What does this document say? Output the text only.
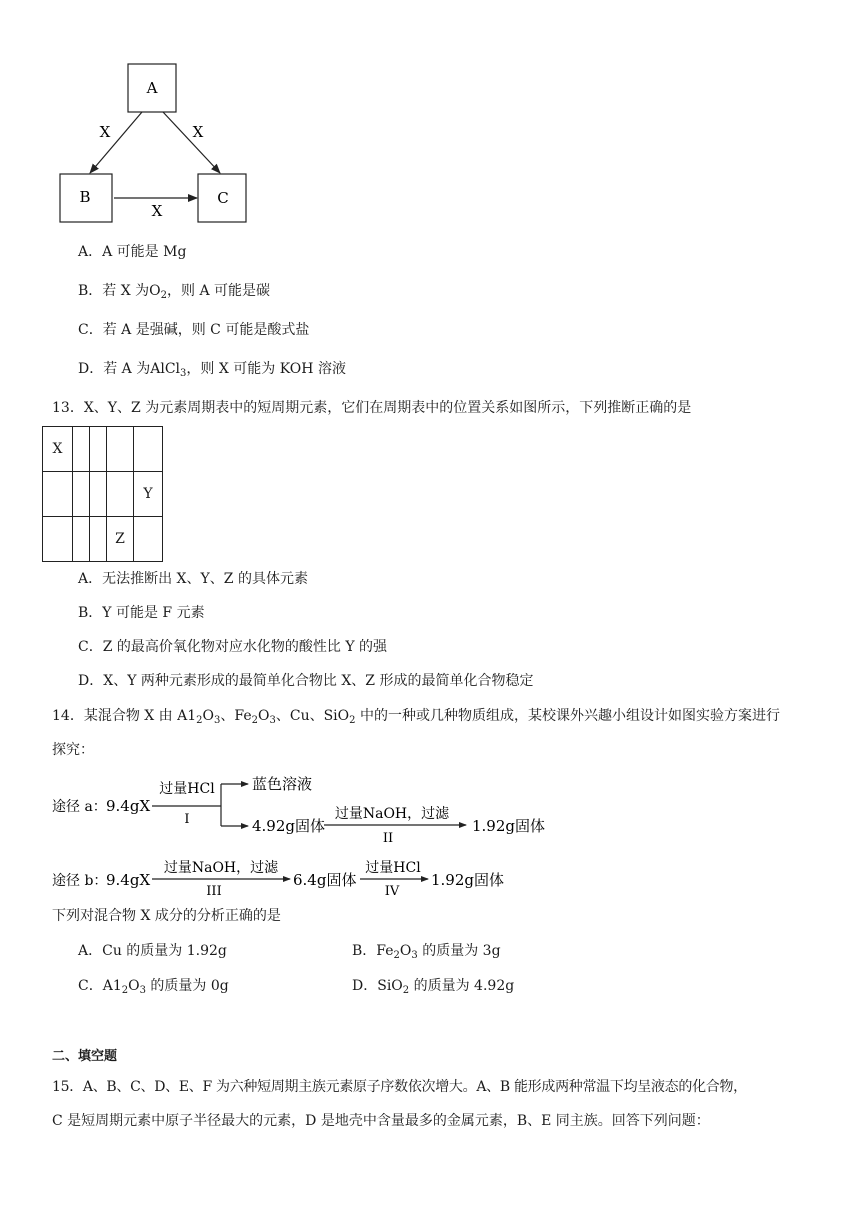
A
B	C
X	X
X
A．A 可能是 Mg
B．若 X 为$O_2$，则 A 可能是碳
C．若 A 是强碱，则 C 可能是酸式盐
D．若 A 为AlCl$_3$，则 X 可能为 KOH 溶液
13．X、Y、Z 为元素周期表中的短周期元素，它们在周期表中的位置关系如图所示，下列推断正确的是
X				
				Y
			Z	
A．无法推断出 X、Y、Z 的具体元素
B．Y 可能是 F 元素
C．Z 的最高价氧化物对应水化物的酸性比 Y 的强
D．X、Y 两种元素形成的最简单化合物比 X、Z 形成的最简单化合物稳定
14．某混合物 X 由 $A1_2O_3$、$Fe_2O_3$、Cu、SiO$_2$ 中的一种或几种物质组成，某校课外兴趣小组设计如图实验方案进行
探究：
途径 a： 9.4gX
过量HCl
I
蓝色溶液
4.92g固体
过量NaOH，过滤
II
1.92g固体
途径 b：
9.4gX
过量NaOH，过滤
III
6.4g固体
过量HCl
IV
1.92g固体
下列对混合物 X 成分的分析正确的是
A．Cu 的质量为 1.92g	B．$Fe_2O_3$ 的质量为 3g
C．$A1_2O_3$ 的质量为 0g	D．SiO$_2$ 的质量为 4.92g
二、填空题
15．A、B、C、D、E、F 为六种短周期主族元素原子序数依次增大。A、B 能形成两种常温下均呈液态的化合物，
C 是短周期元素中原子半径最大的元素，D 是地壳中含量最多的金属元素，B、E 同主族。回答下列问题：
